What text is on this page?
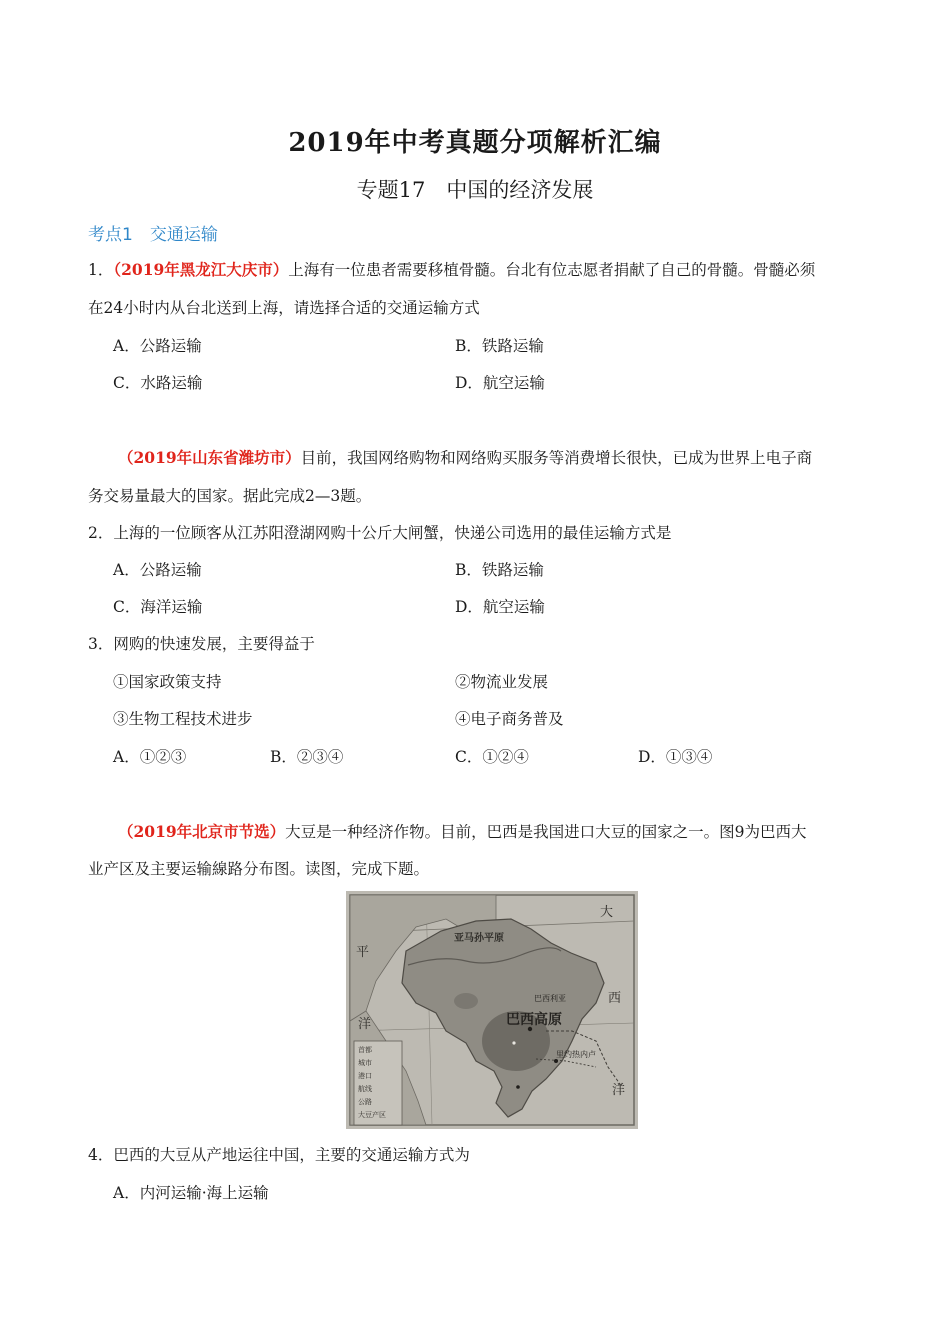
2019年中考真题分项解析汇编
专题17　中国的经济发展
考点1　交通运输
1．（2019年黑龙江大庆市）上海有一位患者需要移植骨髓。台北有位志愿者捐献了自己的骨髓。骨髓必须
在24小时内从台北送到上海，请选择合适的交通运输方式
A．公路运输	B．铁路运输
C．水路运输	D．航空运输
（2019年山东省潍坊市）目前，我国网络购物和网络购买服务等消费增长很快，已成为世界上电子商
务交易量最大的国家。据此完成2—3题。
2．上海的一位顾客从江苏阳澄湖网购十公斤大闸蟹，快递公司选用的最佳运输方式是
A．公路运输	B．铁路运输
C．海洋运输	D．航空运输
3．网购的快速发展，主要得益于
①国家政策支持	②物流业发展
③生物工程技术进步	④电子商务普及
A．①②③	B．②③④	C．①②④	D．①③④
（2019年北京市节选）大豆是一种经济作物。目前，巴西是我国进口大豆的国家之一。图9为巴西大
业产区及主要运输線路分布图。读图，完成下题。
亚马孙平原
巴西高原
巴西利亚
里约热内卢
大
西
洋
平
洋
首都
城市
港口
航线
公路
大豆产区
4．巴西的大豆从产地运往中国，主要的交通运输方式为
A．内河运输·海上运输
